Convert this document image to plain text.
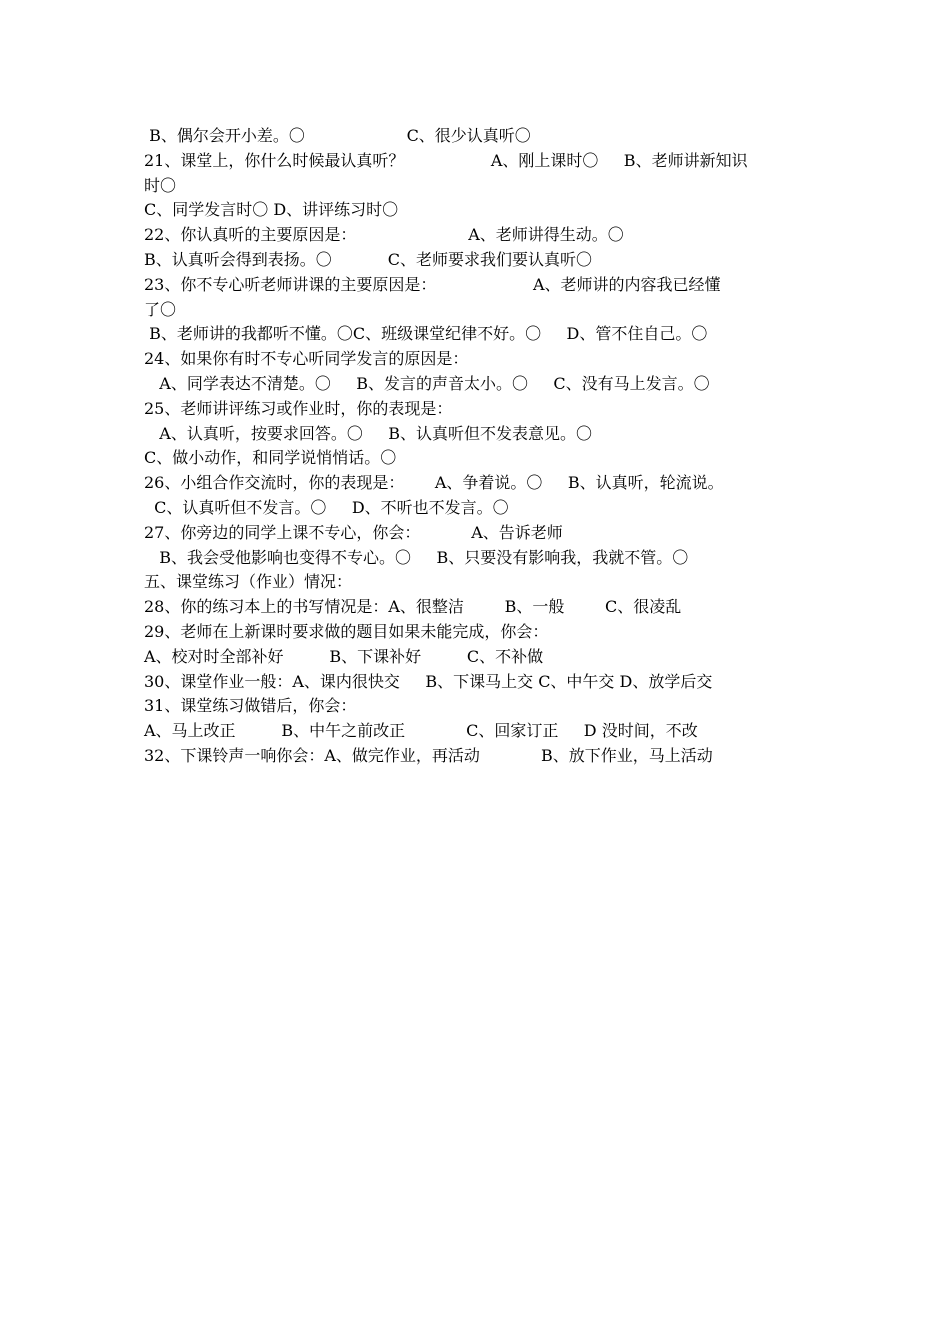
B、偶尔会开小差。〇                    C、很少认真听〇
21、课堂上，你什么时候最认真听？                 A、刚上课时〇     B、老师讲新知识
时〇
C、同学发言时〇 D、讲评练习时〇
22、你认真听的主要原因是：                      A、老师讲得生动。〇
B、认真听会得到表扬。〇           C、老师要求我们要认真听〇
23、你不专心听老师讲课的主要原因是：                   A、老师讲的内容我已经懂
了〇
B、老师讲的我都听不懂。〇C、班级课堂纪律不好。〇     D、管不住自己。〇
24、如果你有时不专心听同学发言的原因是：
A、同学表达不清楚。〇     B、发言的声音太小。〇     C、没有马上发言。〇
25、老师讲评练习或作业时，你的表现是：
A、认真听，按要求回答。〇     B、认真听但不发表意见。〇
C、做小动作，和同学说悄悄话。〇
26、小组合作交流时，你的表现是：      A、争着说。〇     B、认真听，轮流说。
C、认真听但不发言。〇     D、不听也不发言。〇
27、你旁边的同学上课不专心，你会：          A、告诉老师
B、我会受他影响也变得不专心。〇     B、只要没有影响我，我就不管。〇
五、课堂练习（作业）情况：
28、你的练习本上的书写情况是：A、很整洁        B、一般        C、很凌乱
29、老师在上新课时要求做的题目如果未能完成，你会：
A、校对时全部补好         B、下课补好         C、不补做
30、课堂作业一般：A、课内很快交     B、下课马上交 C、中午交 D、放学后交
31、课堂练习做错后，你会：
A、马上改正         B、中午之前改正            C、回家订正     D 没时间，不改
32、下课铃声一响你会：A、做完作业，再活动            B、放下作业，马上活动
